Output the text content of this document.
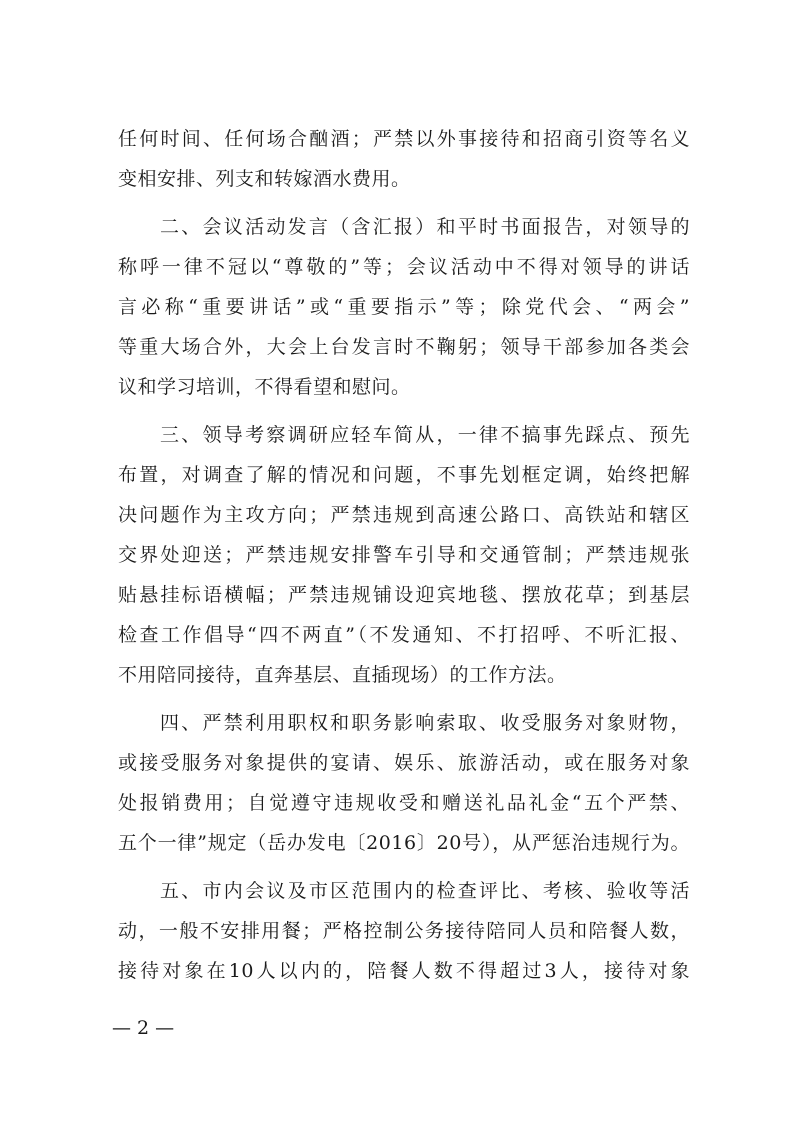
任何时间、任何场合酗酒；严禁以外事接待和招商引资等名义
变相安排、列支和转嫁酒水费用。
二、会议活动发言（含汇报）和平时书面报告，对领导的
称呼一律不冠以“尊敬的”等；会议活动中不得对领导的讲话
言必称“重要讲话”或“重要指示”等；除党代会、“两会”
等重大场合外，大会上台发言时不鞠躬；领导干部参加各类会
议和学习培训，不得看望和慰问。
三、领导考察调研应轻车简从，一律不搞事先踩点、预先
布置，对调查了解的情况和问题，不事先划框定调，始终把解
决问题作为主攻方向；严禁违规到高速公路口、高铁站和辖区
交界处迎送；严禁违规安排警车引导和交通管制；严禁违规张
贴悬挂标语横幅；严禁违规铺设迎宾地毯、摆放花草；到基层
检查工作倡导“四不两直”（不发通知、不打招呼、不听汇报、
不用陪同接待，直奔基层、直插现场）的工作方法。
四、严禁利用职权和职务影响索取、收受服务对象财物，
或接受服务对象提供的宴请、娱乐、旅游活动，或在服务对象
处报销费用；自觉遵守违规收受和赠送礼品礼金“五个严禁、
五个一律”规定（岳办发电〔2016〕20号），从严惩治违规行为。
五、市内会议及市区范围内的检查评比、考核、验收等活
动，一般不安排用餐；严格控制公务接待陪同人员和陪餐人数，
接待对象在10人以内的，陪餐人数不得超过3人，接待对象
— 2 —
